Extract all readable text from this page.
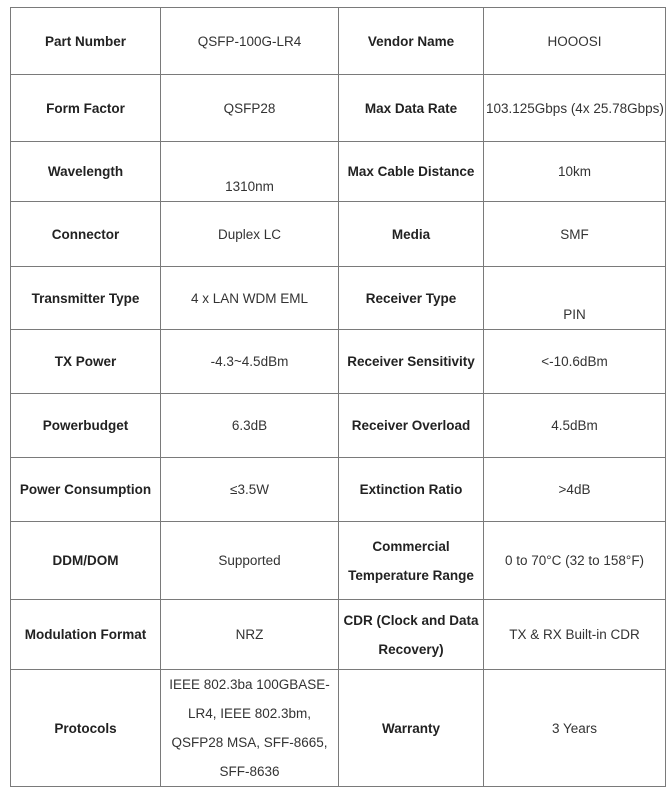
Part Number	QSFP-100G-LR4	Vendor Name	HOOOSI
Form Factor	QSFP28	Max Data Rate	103.125Gbps (4x 25.78Gbps)
Wavelength	1310nm	Max Cable Distance	10km
Connector	Duplex LC	Media	SMF
Transmitter Type	4 x LAN WDM EML	Receiver Type	PIN
TX Power	-4.3~4.5dBm	Receiver Sensitivity	<-10.6dBm
Powerbudget	6.3dB	Receiver Overload	4.5dBm
Power Consumption	≤3.5W	Extinction Ratio	>4dB
DDM/DOM	Supported	Commercial Temperature Range	0 to 70°C (32 to 158°F)
Modulation Format	NRZ	CDR (Clock and Data Recovery)	TX & RX Built-in CDR
Protocols	IEEE 802.3ba 100GBASE-LR4, IEEE 802.3bm, QSFP28 MSA, SFF-8665, SFF-8636	Warranty	3 Years
